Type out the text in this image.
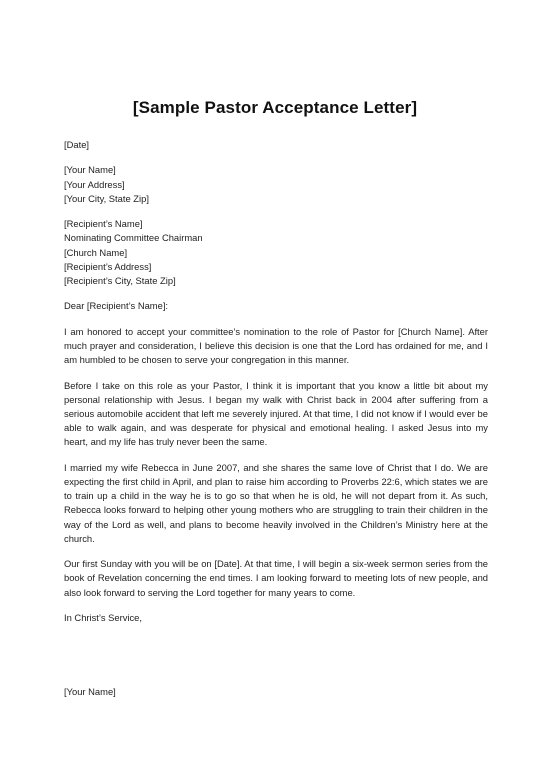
[Sample Pastor Acceptance Letter]
[Date]
[Your Name]
[Your Address]
[Your City, State Zip]
[Recipient’s Name]
Nominating Committee Chairman
[Church Name]
[Recipient’s Address]
[Recipient’s City, State Zip]
Dear [Recipient’s Name]:

I am honored to accept your committee’s nomination to the role of Pastor for [Church Name]. After much prayer and consideration, I believe this decision is one that the Lord has ordained for me, and I am humbled to be chosen to serve your congregation in this manner.

Before I take on this role as your Pastor, I think it is important that you know a little bit about my personal relationship with Jesus. I began my walk with Christ back in 2004 after suffering from a serious automobile accident that left me severely injured. At that time, I did not know if I would ever be able to walk again, and was desperate for physical and emotional healing. I asked Jesus into my heart, and my life has truly never been the same.

I married my wife Rebecca in June 2007, and she shares the same love of Christ that I do. We are expecting the first child in April, and plan to raise him according to Proverbs 22:6, which states we are to train up a child in the way he is to go so that when he is old, he will not depart from it. As such, Rebecca looks forward to helping other young mothers who are struggling to train their children in the way of the Lord as well, and plans to become heavily involved in the Children’s Ministry here at the church.

Our first Sunday with you will be on [Date]. At that time, I will begin a six-week sermon series from the book of Revelation concerning the end times. I am looking forward to meeting lots of new people, and also look forward to serving the Lord together for many years to come.

In Christ’s Service,
[Your Name]
